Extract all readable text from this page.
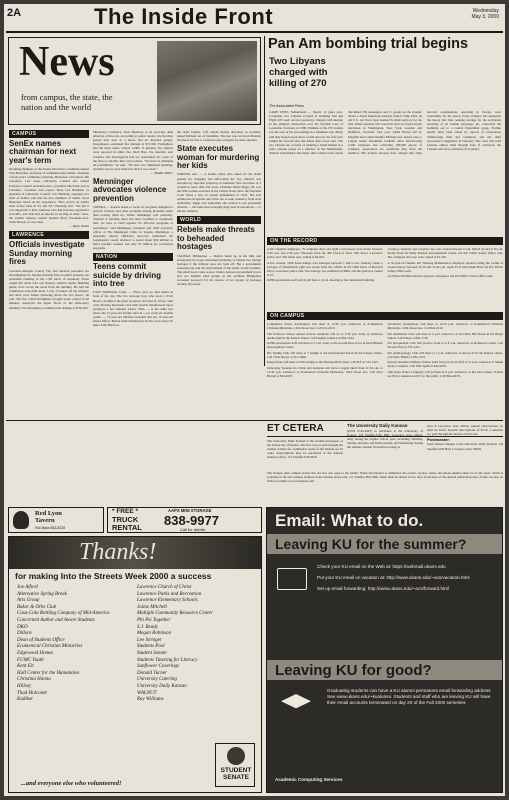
2A	The Inside Front	Wednesday
May 3, 2000
News
from campus, the state, the nation and the world
CAMPUS
SenEx names chairman for next year's term
Incoming members of the Senate Executive Committee named Tom Beisecker, professor of communication studies, chairman of next year's committee yesterday. Beisecker will replace Jim Carothers, Last week, University Council also named Professor Council president-elect, a position which this year is Carothers. Carothers will replace Mary Lee Hummert as president of University Council. J.D. Heintzig, outgoing vice chair of SenEx, said that the new members of SenEx chose Beisecker based on his experience. "He's served on SenEx chair before back in '91 and '92," Heintzig said. "We felt it was important to have someone who had previous experience in SenEx, and Tom had an interest in serving as chair." Also, the student senators named Student Body President-elect, Chris Brown, as vice chair.
— Ryan Seelia
LAWRENCE
Officials investigate Sunday morning fires
Lawrence-Douglas County Fire and Medical personnel are investigating two Sunday morning fires on public property. An apartment building in the 1700 block of Kentucky Street caught fire about 2:45 a.m. Sunday. Andrew Spalar, Building junior, lives across the street from the building. He said the commotion woke him about 3 a.m. "I looked out my window, and there were flames billowing above the two floors," he said. The fire, which firefighters brought under control in 40 minutes, destroyed the upper floors of the three-story building. Fire investigators estimated the damage at $250,000.
Shumway's residence. Stan Shumway is an associate dean emeritus of fine arts. According to police reports, the fire then spread next door to a house and its detached garage. Investigators estimated fire damage at $57,000. Firefighters had the blaze under control within 15 minutes. No injuries were reported in either fire. Rich Barr, fire marshal, said evidence that investigators had not determined the cause of the fires or whether they were related. "We have to eliminate all possibilities," he said. "We have not eliminated anything, and there are no clear indicators that it was arson."
— Mindie Miller
Menninger advocates violence prevention
TOPEKA — Kansas needs to focus on programs designed to prevent violence and other problems among juveniles rather than locking them up, Walter Menninger said yesterday. "Instead of building more and more facilities to warehouse kids, we have to band together for effective programs of prevention," said Menninger, president and chief executive officer of The Menninger Clinic in Topeka. Menninger, a nationally known children's advocate, bemoaned the Legislature's recent decision to spend about $60 million to build juvenile lockups and only $3 million for prevention programs.
NATION
Teens commit suicide by driving into tree
EAST HADDAM, Conn. — There were no skid marks in front of the tree. The two teen-age boys who drove a Ford Bronco straight at the giant sycamore and died in a fiery crash early Monday had made clear their suicide intentions in taped goodbyes a few minutes earlier. Then — at the same tree where his 15-year-old brother died in a car crash six months earlier — 13-year-old Michael Grindell and his 13-year-old friend Jeffrey Barton killed themselves in this town about 20 miles from Hartford.
the older brother, Jeff, whom friends described as troubled, joined Michael out of friendship. The tree was cut down Monday afternoon for fear it would become a magnet for more suicides.
State executes woman for murdering her kids
VARNER, Ark. — A former nurse who asked for the death penalty for drugging and suffocating her two children was executed by injection yesterday in Arkansas' first execution of a woman in more than 150 years. Christina Marie Riggs, 28, was the fifth woman executed in the United States since the Supreme Court lifted a ban on capital punishment in 1976. She had withdrawn all appeals and chose not to seek clemency from state authorities. Riggs told authorities she wanted to use potassium chloride — the same heart-stopping drug used in executions — to kill her children.
WORLD
Rebels make threats to beheaded hostages
TALIPAO, Philippines — Rebels holed up in the hills and surrounded by troops threatened yesterday to behead two foreign hostages if the military does not back off. But a government spokesperson said the encirclement of the rebels would continue. The small forest came as new clashes between government forces and two Muslim rebel groups in the southern Philippines worsened prospects for the release of two groups of hostages totaling 48 people.
Pan Am bombing trial begins
Two Libyans charged with killing of 270
The Associated Press
CAMP ZEIST, Netherlands — Nearly 12 years post-Lockerbie, two Libyans accused of bombing Pan Am Flight 103 went on trial yesterday, charged with murder in the jetliner's destruction over the Scottish town of Lockerbie, Scotland, in 1988. Families of the 270 victims saw the start of the proceedings as a landmark step. Many said they hoped prosecutors would uncover the full story behind the terrorist plot that killed their loved ones. The two Libyans are accused of planting a bomb hidden in a radio cassette player in a suitcase. In the Netherlands, chained with murder and many other crimes in the attack that killed 259 passengers and 11 people on the ground. About a dozen American relatives visited Camp Zeist, an old U.S. Air Force base deemed Scottish territory for the trial. Other relatives will watch the trial on closed-circuit television in Washington, New York, London and Dumfries, Scotland. Last year, Abdel Basset Ali al-Megrahi and Lamen Khalifa Fhimah were turned over to Libyan leader Moammar Gadhafi. After interviewing 1,000 witnesses and collecting 180,000 pieces of evidence, prosecutors are convinced they have the bombers. But defense lawyers have alleged that other terrorist organizations operating in Europe were responsible for the attack. Early evidence has supported the theory that Iran, seeking revenge for the accidental downing of an Iranian passenger jet, contracted the bombing out to a radical Palestinian group. Further doubts have been raised by reports of prosecutors withdrawing their key testimony and the chief prosecutor's resignation in February. The court will hold sessions almost daily through July. If convicted, the Libyans will serve sentences in Scotland.
ON THE RECORD
A KU student's employee, 79 computer discs and eight rod brackets were stolen between 9:30 a.m. and 2:30 p.m. Thursday from the 300 block of West 13th Street, Lawrence police said. The items were valued at $2,029.
A KU student, 1999 Isuzu Amigo was damaged between 7 and 9 a.m. Saturday when a package of Winterhawk gum was stolen from the vehicle in the 2200 block of Harvard Drive, Lawrence police said. The damage was estimated at $800, and the gum was valued at $1.
KJHK promotions staff said it will have a 6 p.m. meeting at the Journalism building.
A laptop computer and carrying case were stolen between 9 a.m. March 24 and 2:30 p.m. Friday from the Daily Kansan Advertisement Center, the KU Public Safety Office said. The computer and case were valued at $1,550.
A 35-year-old female KU Housing Maintenance employee reported being the victim of sexual battery between 12:30 and 12:40 a.m. April 25 in McCollum Hall, the KU Public Safety Office said.
An Ellsworth Hall resident reported a trespasser, the KU Public Safety Office said.
ON CAMPUS
Compulsive Eaters Anonymous will meet at 12:30 p.m. tomorrow at Ecumenical Christian Ministries, 1204 Oread Ave. Call 312-2413.
The Endacott School annual awards ceremony will be at 3:30 p.m. today in Alderson Auditorium in the Kansas Union. Call Daphne Johnson at 864-7244.
KJHK promotions staff will meet at 5 p.m. today at the second-floor foyer in Dole Human Development Center.
KU Sailing Club will meet at 7 tonight at the International Room in the Kansas Union. Call Chris Dwyer at 312-3066.
Daisy Pirate will meet at 9:30 tonight at the Heritage Hall center. Call B.F. at 312-1327.
University Students for Christ and Lutheran will have a veggie lunch from 11:30 a.m. to 12:30 p.m. tomorrow at Ecumenical Christian Ministries, 1204 Oread Ave. Call Neal Harrell at 843-4933.
Alcoholics Anonymous will meet at 12:30 p.m. tomorrow at Ecumenical Christian Ministries, 1204 Oread Ave. Call 842-0110.
KU Meditation Club will meet at 6 p.m. tomorrow at the Daisy Hill Room in the Burge Union. Call Parker at 864-7730.
KU Racquetball Club will practice from 6 to 8 p.m. tomorrow at Robinson Center. Call Stewart Pool at 331-2221.
KU Anthropology Club will meet at 7 p.m. tomorrow at Alcove D in the Kansas Union. Call Kyle Bohan at 842-1331.
Korean Students Ultimate Frisbee team will practice from 8 to 11 p.m. tomorrow at Shenk Sports Complex. Call Will Spalis at 842-6470.
University Dance Company will perform at 8 p.m. tomorrow at the Lied Center. Tickets are $5 for students and $7 for the public. Call 864-ARTS.
ET CETERA
The University Daily Kansan is the student newspaper of the University of Kansas. The first copy is paid through the student activity fee. Additional copies of the Kansan are 25 cents. Subscriptions may be purchased at the Kansan business office, 119 Stauffer-Flint Hall.
The University Daily Kansan
(ISSN 0746-4967) is published at the University of Kansas, 119 Stauffer-Flint Hall, Lawrence, Kan. 66045, daily during the regular school year, excluding Saturday, Sunday, holidays and finals periods, and Wednesday during the summer session. Periodical postage is
paid in Lawrence, Kan. 66044. Annual subscriptions by mail are $120. Student subscriptions of $2.50 a semester are paid through the student activity fee.
Postmaster:
Send address changes to the University Daily Kansan, 119 Stauffer-Flint Hall, Lawrence, Kan. 66045.
The Kansan print campus events that are free and open to the public. When information is submitted, the event's sponsor, name and phone number must be on the form, which is available in the On Campus mailbox in the Kansan newsroom, 111 Stauffer-Flint Hall. Items must be turned in two days in advance of the desired publication date. Forms can also be filled out online at www.kansan.com.
Red Lyon Tavern
944 Mass 832-8228
* FREE *
TRUCK
RENTAL
AAPS MINI STORAGE
838-9977
Call for details
Thanks!
for making Into the Streets Week 2000 a success
Joe Alford
Alternative Spring Break
Arts Group
Baker & Orbs Club
Casa-Cola Bottling Company of Mid-America
Concerned Author and Aware Students
DKO
Dillons
Dean of Students Office
Ecumenical Christian Ministries
Edgewood Homes
FUMC Youth
Kent Eir
Hall Center for the Humanities
Christina Hanna
Hillsey
Thad Holcomb
Kadiker
Lawrence Church of Christ
Lawrence Parks and Recreation
Lawrence Elementary Schools
Jaime Mitchell
Multiple Community Resource Center
Phi Psi Together
S.J. Ready
Megan Robinson
Lee Stringer
Students Pool
Student Senate
Students Tutoring for Literacy
Sunflower Coverings
Donald Turner
University Catering
University Daily Kansan
WALNUT
Ray Williams
...and everyone else who volunteered!
STUDENT SENATE
Email: What to do.
Leaving KU for the summer?
Check your KU email on the Web at: https://webmail.ukans.edu
Put your KU email on vacation at: http://www.ukans.edu/~acs/vacation.html
Set up email forwarding: http://www.ukans.edu/~acs/forward.html
Leaving KU for good?
Graduating students can have a KU alumni permanent email forwarding address. See www.ukans.edu/~kualumni. Students and staff who are leaving KU will have their email accounts terminated on day 20 of the Fall 2000 semester.
Academic Computing Services
